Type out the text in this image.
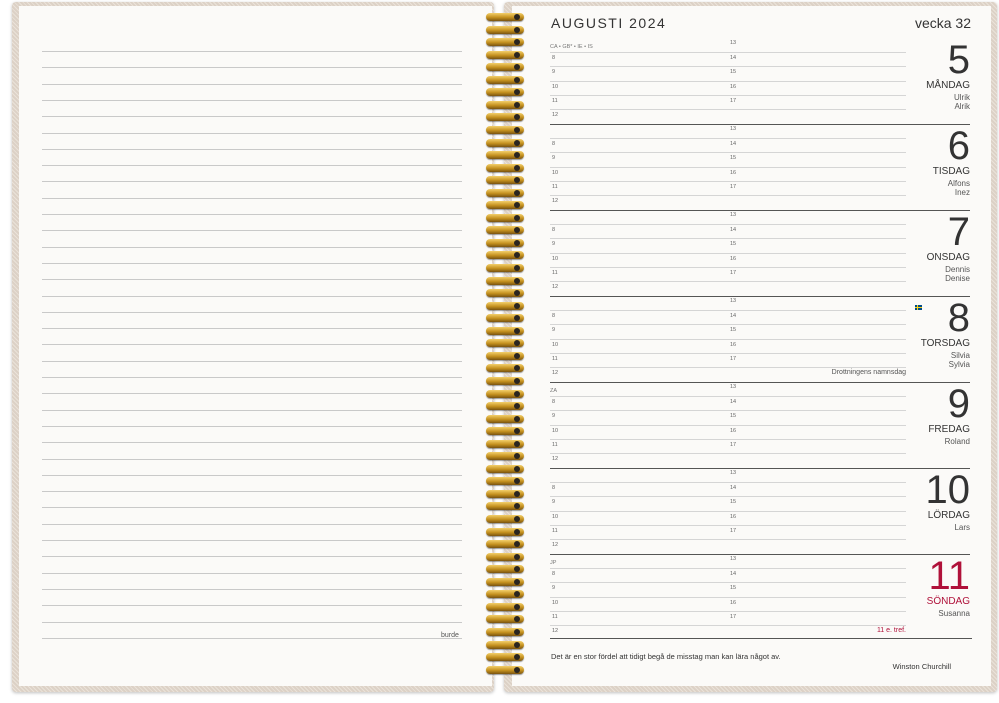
burde
AUGUSTI 2024	vecka 32
CA • GB* • IE • IS
13
8	14
9	15
10	16
11	17
12
5
MÅNDAG
Ulrik
Alrik
13
8	14
9	15
10	16
11	17
12
6
TISDAG
Alfons
Inez
13
8	14
9	15
10	16
11	17
12
7
ONSDAG
Dennis
Denise
13
8	14
9	15
10	16
11	17
12
8
TORSDAG
Silvia
Sylvia
Drottningens namnsdag
ZA
13
8	14
9	15
10	16
11	17
12
9
FREDAG
Roland
13
8	14
9	15
10	16
11	17
12
10
LÖRDAG
Lars
JP
13
8	14
9	15
10	16
11	17
12
11
SÖNDAG
Susanna
11 e. tref.
Det är en stor fördel att tidigt begå de misstag man kan lära något av.
Winston Churchill
